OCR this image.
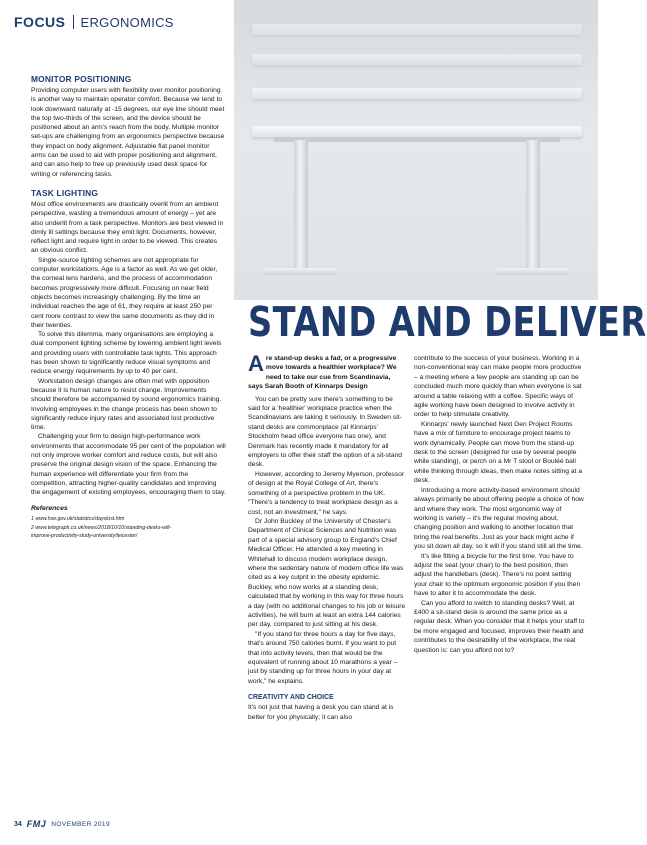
FOCUS ERGONOMICS
MONITOR POSITIONING

Providing computer users with flexibility over monitor positioning is another way to maintain operator comfort. Because we tend to look downward naturally at -15 degrees, our eye line should meet the top two-thirds of the screen, and the device should be positioned about an arm's reach from the body. Multiple monitor set-ups are challenging from an ergonomics perspective because they impact on body alignment. Adjustable flat panel monitor arms can be used to aid with proper positioning and alignment, and can also help to free up previously used desk space for writing or referencing tasks.

TASK LIGHTING

Most office environments are drastically overlit from an ambient perspective, wasting a tremendous amount of energy – yet are also underlit from a task perspective. Monitors are best viewed in dimly lit settings because they emit light. Documents, however, reflect light and require light in order to be viewed. This creates an obvious conflict.

Single-source lighting schemes are not appropriate for computer workstations. Age is a factor as well. As we get older, the corneal lens hardens, and the process of accommodation becomes progressively more difficult. Focusing on near field objects becomes increasingly challenging. By the time an individual reaches the age of 61, they require at least 250 per cent more contrast to view the same documents as they did in their twenties.

To solve this dilemma, many organisations are employing a dual component lighting scheme by lowering ambient light levels and providing users with controllable task lights. This approach has been shown to significantly reduce visual symptoms and reduce energy requirements by up to 40 per cent.

Workstation design changes are often met with opposition because it is human nature to resist change. Improvements should therefore be accompanied by sound ergonomics training. Involving employees in the change process has been shown to significantly reduce injury rates and associated lost productive time.

Challenging your firm to design high-performance work environments that accommodate 95 per cent of the population will not only improve worker comfort and reduce costs, but will also preserve the original design vision of the space. Enhancing the human experience will differentiate your firm from the competition, attracting higher-quality candidates and improving the engagement of existing employees, encouraging them to stay.

References
1 www.hse.gov.uk/statistics/dayslost.htm
2 www.telegraph.co.uk/news/2018/10/10/standing-desks-will-
improve-productivity-study-university/leicester/
STAND AND DELIVER

Are stand-up desks a fad, or a progressive move towards a healthier workplace? We need to take our cue from Scandinavia, says Sarah Booth of Kinnarps Design

You can be pretty sure there's something to be said for a 'healthier' workplace practice when the Scandinavians are taking it seriously. In Sweden sit-stand desks are commonplace (at Kinnarps' Stockholm head office everyone has one), and Denmark has recently made it mandatory for all employers to offer their staff the option of a sit-stand desk.

However, according to Jeremy Myerson, professor of design at the Royal College of Art, there's something of a perspective problem in the UK. "There's a tendency to treat workplace design as a cost, not an investment," he says.

Dr John Buckley of the University of Chester's Department of Clinical Sciences and Nutrition was part of a special advisory group to England's Chief Medical Officer. He attended a key meeting in Whitehall to discuss modern workplace design, where the sedentary nature of modern office life was cited as a key culprit in the obesity epidemic. Buckley, who now works at a standing desk, calculated that by working in this way for three hours a day (with no additional changes to his job or leisure activities), he will burn at least an extra 144 calories per day, compared to just sitting at his desk.

"If you stand for three hours a day for five days, that's around 750 calories burnt. If you want to put that into activity levels, then that would be the equivalent of running about 10 marathons a year – just by standing up for three hours in your day at work," he explains.

CREATIVITY AND CHOICE

It's not just that having a desk you can stand at is better for you physically; it can also

contribute to the success of your business. Working in a non-conventional way can make people more productive – a meeting where a few people are standing up can be concluded much more quickly than when everyone is sat around a table relaxing with a coffee. Specific ways of agile working have been designed to involve activity in order to help stimulate creativity.

Kinnarps' newly launched Next Gen Project Rooms have a mix of furniture to encourage project teams to work dynamically. People can move from the stand-up desk to the screen (designed for use by several people while standing), or perch on a Mr T stool or Bouléé ball while thinking through ideas, then make notes sitting at a desk.

Introducing a more activity-based environment should always primarily be about offering people a choice of how and where they work. The most ergonomic way of working is variety – it's the regular moving about, changing position and walking to another location that bring the real benefits. Just as your back might ache if you sit down all day, so it will if you stand still all the time.

It's like fitting a bicycle for the first time. You have to adjust the seat (your chair) to the best position, then adjust the handlebars (desk). There's no point setting your chair to the optimum ergonomic position if you then have to alter it to accommodate the desk.

Can you afford to switch to standing desks? Well, at £400 a sit-stand desk is around the same price as a regular desk. When you consider that it helps your staff to be more engaged and focused, improves their health and contributes to the desirability of the workplace, the real question is: can you afford not to?

34 FMJ NOVEMBER 2019
